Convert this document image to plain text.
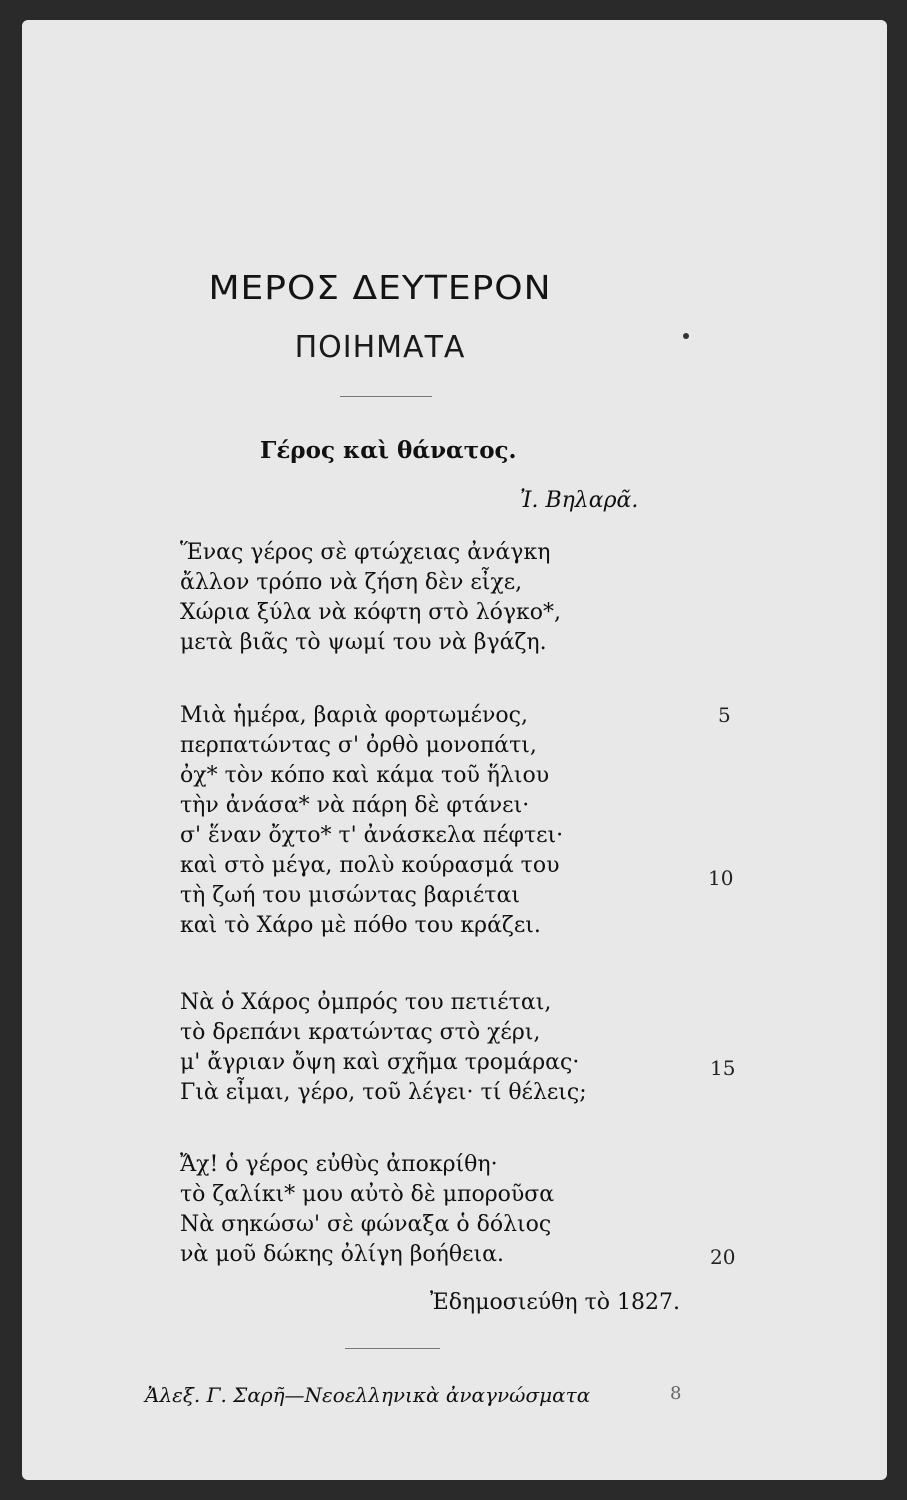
ΜΕΡΟΣ ΔΕΥΤΕΡΟΝ
ΠΟΙΗΜΑΤΑ
Γέρος καὶ θάνατος.
Ἰ. Βηλαρᾶ.
Ἕνας γέρος σὲ φτώχειας ἀνάγκη
ἄλλον τρόπο νὰ ζήση δὲν εἶχε,
Χώρια ξύλα νὰ κόφτη στὸ λόγκο*,
μετὰ βιᾶς τὸ ψωμί του νὰ βγάζη.
Μιὰ ἡμέρα, βαριὰ φορτωμένος,
περπατώντας σ' ὀρθὸ μονοπάτι,
ὀχ* τὸν κόπο καὶ κάμα τοῦ ἥλιου
τὴν ἀνάσα* νὰ πάρη δὲ φτάνει·
σ' ἕναν ὄχτο* τ' ἀνάσκελα πέφτει·
καὶ στὸ μέγα, πολὺ κούρασμά του
τὴ ζωή του μισώντας βαριέται
καὶ τὸ Χάρο μὲ πόθο του κράζει.
Νὰ ὁ Χάρος ὀμπρός του πετιέται,
τὸ δρεπάνι κρατώντας στὸ χέρι,
μ' ἄγριαν ὄψη καὶ σχῆμα τρομάρας·
Γιὰ εἶμαι, γέρο, τοῦ λέγει· τί θέλεις;
Ἄχ! ὁ γέρος εὐθὺς ἀποκρίθη·
τὸ ζαλίκι* μου αὐτὸ δὲ μποροῦσα
Νὰ σηκώσω' σὲ φώναξα ὁ δόλιος
νὰ μοῦ δώκης ὀλίγη βοήθεια.
5
10
15
20
Ἐδημοσιεύθη τὸ 1827.
Ἀλεξ. Γ. Σαρῆ—Νεοελληνικὰ ἀναγνώσματα	8
